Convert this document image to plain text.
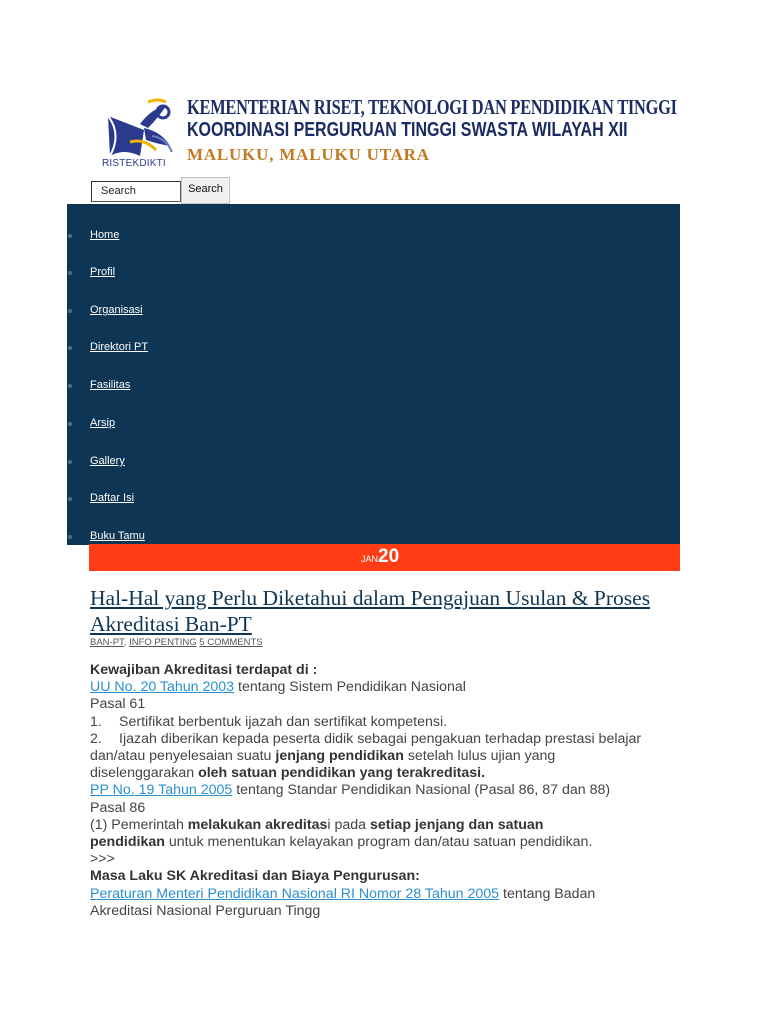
RISTEKDIKTI
KEMENTERIAN RISET, TEKNOLOGI DAN PENDIDIKAN TINGGI
KOORDINASI PERGURUAN TINGGI SWASTA WILAYAH XII
MALUKU, MALUKU UTARA
Search	Search
Home
Profil
Organisasi
Direktori PT
Fasilitas
Arsip
Gallery
Daftar Isi
Buku Tamu
JAN20
Hal-Hal yang Perlu Diketahui dalam Pengajuan Usulan & Proses Akreditasi Ban-PT
BAN-PT, INFO PENTING 5 COMMENTS
Kewajiban Akreditasi terdapat di :
UU No. 20 Tahun 2003 tentang Sistem Pendidikan Nasional
Pasal 61
1. Sertifikat berbentuk ijazah dan sertifikat kompetensi.
2. Ijazah diberikan kepada peserta didik sebagai pengakuan terhadap prestasi belajar
dan/atau penyelesaian suatu jenjang pendidikan setelah lulus ujian yang
diselenggarakan oleh satuan pendidikan yang terakreditasi.
PP No. 19 Tahun 2005 tentang Standar Pendidikan Nasional (Pasal 86, 87 dan 88)
Pasal 86
(1) Pemerintah melakukan akreditasi pada setiap jenjang dan satuan
pendidikan untuk menentukan kelayakan program dan/atau satuan pendidikan.
>>>
Masa Laku SK Akreditasi dan Biaya Pengurusan:
Peraturan Menteri Pendidikan Nasional RI Nomor 28 Tahun 2005 tentang Badan
Akreditasi Nasional Perguruan Tingg
